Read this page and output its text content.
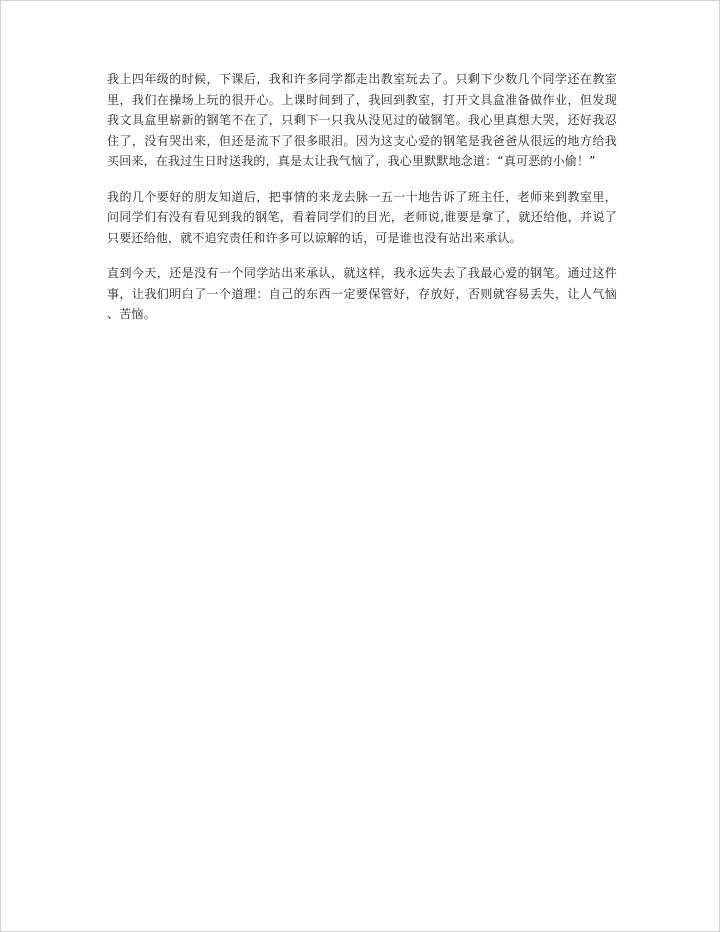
我上四年级的时候，下课后，我和许多同学都走出教室玩去了。只剩下少数几个同学还在教室里，我们在操场上玩的很开心。上课时间到了，我回到教室，打开文具盒准备做作业，但发现我文具盒里崭新的钢笔不在了，只剩下一只我从没见过的破钢笔。我心里真想大哭，还好我忍住了，没有哭出来，但还是流下了很多眼泪。因为这支心爱的钢笔是我爸爸从很远的地方给我买回来，在我过生日时送我的，真是太让我气恼了，我心里默默地念道：“真可恶的小偷！”

我的几个要好的朋友知道后，把事情的来龙去脉一五一十地告诉了班主任，老师来到教室里，问同学们有没有看见到我的钢笔，看着同学们的目光，老师说,谁要是拿了，就还给他，并说了只要还给他，就不追究责任和许多可以谅解的话，可是谁也没有站出来承认。

直到今天，还是没有一个同学站出来承认，就这样，我永远失去了我最心爱的钢笔。通过这件事，让我们明白了一个道理：自己的东西一定要保管好，存放好，否则就容易丢失，让人气恼、苦恼。
